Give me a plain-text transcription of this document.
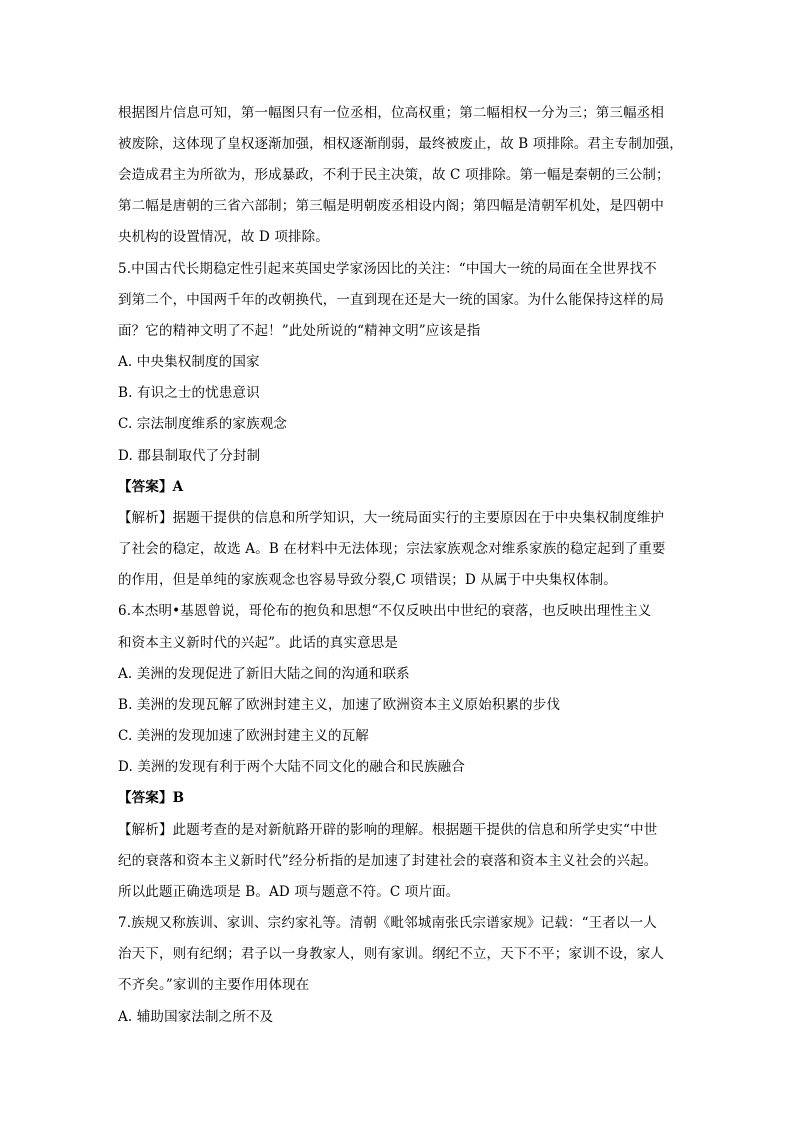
根据图片信息可知，第一幅图只有一位丞相，位高权重；第二幅相权一分为三；第三幅丞相
被废除，这体现了皇权逐渐加强，相权逐渐削弱，最终被废止，故 B 项排除。君主专制加强，
会造成君主为所欲为，形成暴政，不利于民主决策，故 C 项排除。第一幅是秦朝的三公制；
第二幅是唐朝的三省六部制；第三幅是明朝废丞相设内阁；第四幅是清朝军机处，是四朝中
央机构的设置情况，故 D 项排除。
5.中国古代长期稳定性引起来英国史学家汤因比的关注：“中国大一统的局面在全世界找不
到第二个，中国两千年的改朝换代，一直到现在还是大一统的国家。为什么能保持这样的局
面？它的精神文明了不起！”此处所说的“精神文明”应该是指
A. 中央集权制度的国家
B. 有识之士的忧患意识
C. 宗法制度维系的家族观念
D. 郡县制取代了分封制
【答案】A
【解析】据题干提供的信息和所学知识，大一统局面实行的主要原因在于中央集权制度维护
了社会的稳定，故选 A。B 在材料中无法体现；宗法家族观念对维系家族的稳定起到了重要
的作用，但是单纯的家族观念也容易导致分裂,C 项错误；D 从属于中央集权体制。
6.本杰明•基恩曾说，哥伦布的抱负和思想“不仅反映出中世纪的衰落，也反映出理性主义
和资本主义新时代的兴起”。此话的真实意思是
A. 美洲的发现促进了新旧大陆之间的沟通和联系
B. 美洲的发现瓦解了欧洲封建主义，加速了欧洲资本主义原始积累的步伐
C. 美洲的发现加速了欧洲封建主义的瓦解
D. 美洲的发现有利于两个大陆不同文化的融合和民族融合
【答案】B
【解析】此题考查的是对新航路开辟的影响的理解。根据题干提供的信息和所学史实“中世
纪的衰落和资本主义新时代”经分析指的是加速了封建社会的衰落和资本主义社会的兴起。
所以此题正确选项是 B。AD 项与题意不符。C 项片面。
7.族规又称族训、家训、宗约家礼等。清朝《毗邻城南张氏宗谱家规》记载：“王者以一人
治天下，则有纪纲；君子以一身教家人，则有家训。纲纪不立，天下不平；家训不设，家人
不齐矣。”家训的主要作用体现在
A. 辅助国家法制之所不及
